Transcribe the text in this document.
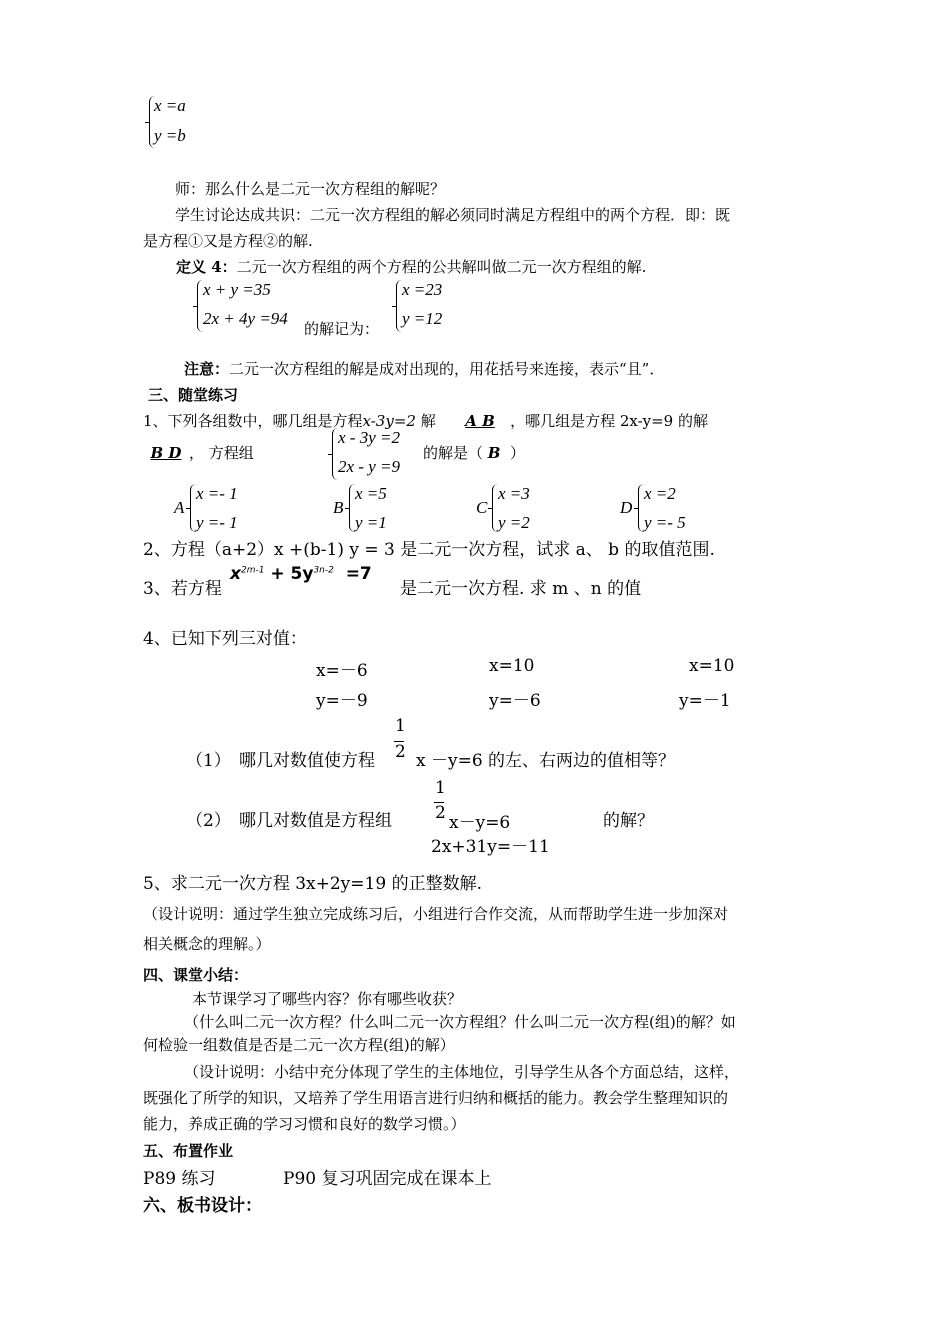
x =a
y =b
师：那么什么是二元一次方程组的解呢？
学生讨论达成共识：二元一次方程组的解必须同时满足方程组中的两个方程．即：既
是方程①又是方程②的解.
定义 4：二元一次方程组的两个方程的公共解叫做二元一次方程组的解.
x + y =35
2x + 4y =94
的解记为：
x =23
y =12
注意：二元一次方程组的解是成对出现的，用花括号来连接，表示“且”．
三、随堂练习
1、下列各组数中，哪几组是方程x-3y=2 解 A B ，哪几组是方程 2x-y=9 的解
B D ， 方程组
x - 3y =2
2x - y =9
的解是（ B ）
A
x =- 1
y =- 1
B
x =5
y =1
C
x =3
y =2
D
x =2
y =- 5
2、方程（a+2）x +(b-1) y = 3 是二元一次方程，试求 a、 b 的取值范围.
3、若方程
$x^{2m-1} + 5y^{3n-2} =7$
是二元一次方程. 求 m 、n 的值
4、已知下列三对值：
x=－6
y=－9
x=10
y=－6
x=10
y=－1
（1） 哪几对数值使方程
1
2 x －y=6 的左、右两边的值相等？
（2） 哪几对数值是方程组
1
2 x－y=6
2x+31y=－11
的解？
5、求二元一次方程 3x+2y=19 的正整数解.
（设计说明：通过学生独立完成练习后，小组进行合作交流，从而帮助学生进一步加深对
相关概念的理解。）
四、课堂小结：
本节课学习了哪些内容？你有哪些收获？
（什么叫二元一次方程？什么叫二元一次方程组？什么叫二元一次方程(组)的解？如
何检验一组数值是否是二元一次方程(组)的解）
（设计说明：小结中充分体现了学生的主体地位，引导学生从各个方面总结，这样，
既强化了所学的知识，又培养了学生用语言进行归纳和概括的能力。教会学生整理知识的
能力，养成正确的学习习惯和良好的数学习惯。）
五、布置作业
P89 练习	P90 复习巩固完成在课本上
六、板书设计：
